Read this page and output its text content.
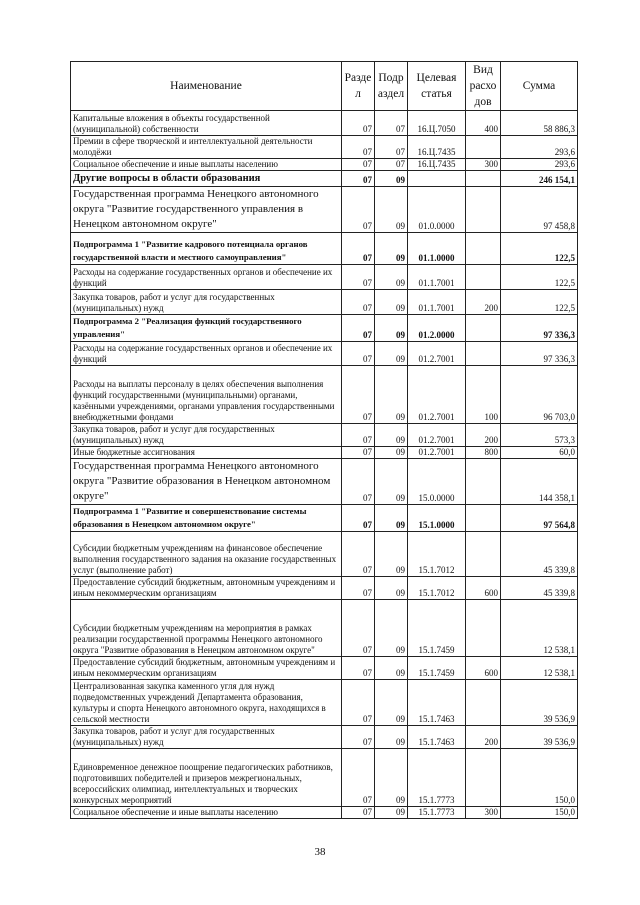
Наименование	Разде л	Подр аздел	Целевая статья	Вид расхо дов	Сумма
Капитальные вложения в объекты государственной (муниципальной) собственности	07	07	16.Ц.7050	400	58 886,3
Премии в сфере творческой и интеллектуальной деятельности молодёжи	07	07	16.Ц.7435		293,6
Социальное обеспечение и иные выплаты населению	07	07	16.Ц.7435	300	293,6
Другие вопросы в области образования	07	09			246 154,1
Государственная программа Ненецкого автономного округа "Развитие государственного управления в Ненецком автономном округе"	07	09	01.0.0000		97 458,8
Подпрограмма 1 "Развитие кадрового потенциала органов государственной власти и местного самоуправления"	07	09	01.1.0000		122,5
Расходы на содержание государственных органов и обеспечение их функций	07	09	01.1.7001		122,5
Закупка товаров, работ и услуг для государственных (муниципальных) нужд	07	09	01.1.7001	200	122,5
Подпрограмма 2 "Реализация функций государственного управления"	07	09	01.2.0000		97 336,3
Расходы на содержание государственных органов и обеспечение их функций	07	09	01.2.7001		97 336,3
Расходы на выплаты персоналу в целях обеспечения выполнения функций государственными (муниципальными) органами, казёнными учреждениями, органами управления государственными внебюджетными фондами	07	09	01.2.7001	100	96 703,0
Закупка товаров, работ и услуг для государственных (муниципальных) нужд	07	09	01.2.7001	200	573,3
Иные бюджетные ассигнования	07	09	01.2.7001	800	60,0
Государственная программа Ненецкого автономного округа "Развитие образования в Ненецком автономном округе"	07	09	15.0.0000		144 358,1
Подпрограмма 1 "Развитие и совершенствование системы образования в Ненецком автономном округе"	07	09	15.1.0000		97 564,8
Субсидии бюджетным учреждениям на финансовое обеспечение выполнения государственного задания на оказание государственных услуг (выполнение работ)	07	09	15.1.7012		45 339,8
Предоставление субсидий бюджетным, автономным учреждениям и иным некоммерческим организациям	07	09	15.1.7012	600	45 339,8
Субсидии бюджетным учреждениям на мероприятия в рамках реализации государственной программы Ненецкого автономного округа "Развитие образования в Ненецком автономном округе"	07	09	15.1.7459		12 538,1
Предоставление субсидий бюджетным, автономным учреждениям и иным некоммерческим организациям	07	09	15.1.7459	600	12 538,1
Централизованная закупка каменного угля для нужд подведомственных учреждений Департамента образования, культуры и спорта Ненецкого автономного округа, находящихся в сельской местности	07	09	15.1.7463		39 536,9
Закупка товаров, работ и услуг для государственных (муниципальных) нужд	07	09	15.1.7463	200	39 536,9
Единовременное денежное поощрение педагогических работников, подготовивших победителей и призеров межрегиональных, всероссийских олимпиад, интеллектуальных и творческих конкурсных мероприятий	07	09	15.1.7773		150,0
Социальное обеспечение и иные выплаты населению	07	09	15.1.7773	300	150,0
38
